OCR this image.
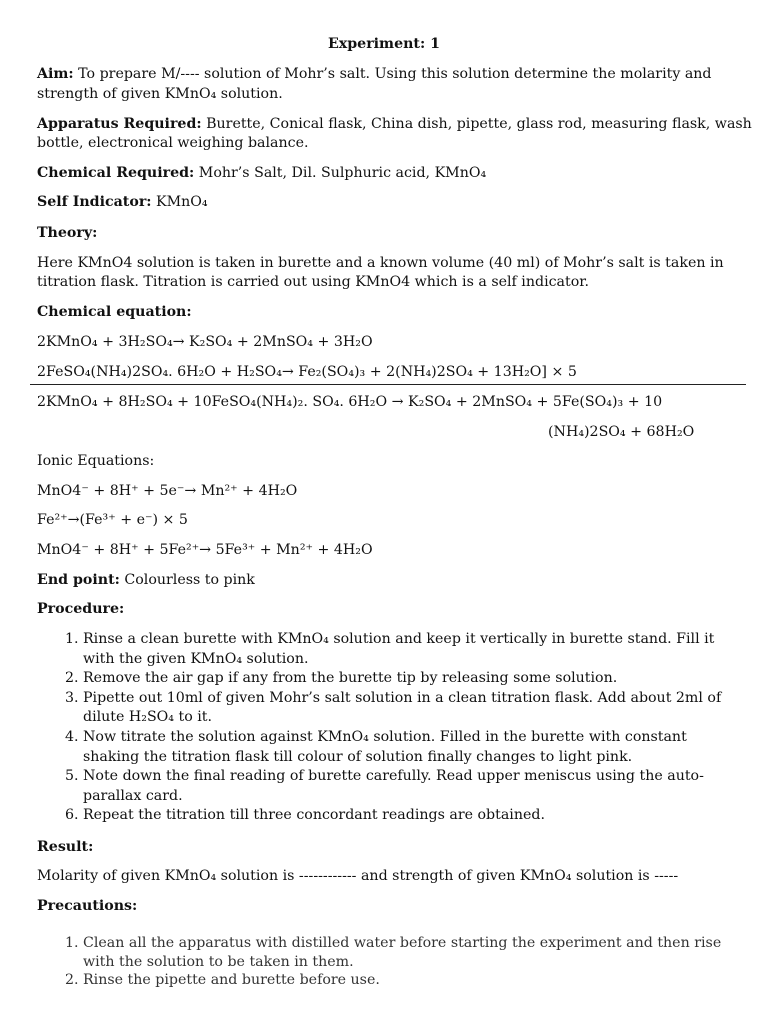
Experiment: 1
Aim: To prepare M/---- solution of Mohr’s salt. Using this solution determine the molarity and
strength of given KMnO₄ solution.
Apparatus Required: Burette, Conical flask, China dish, pipette, glass rod, measuring flask, wash
bottle, electronical weighing balance.
Chemical Required: Mohr’s Salt, Dil. Sulphuric acid, KMnO₄
Self Indicator: KMnO₄
Theory:
Here KMnO4 solution is taken in burette and a known volume (40 ml) of Mohr’s salt is taken in
titration flask. Titration is carried out using KMnO4 which is a self indicator.
Chemical equation:
2KMnO₄ + 3H₂SO₄→ K₂SO₄ + 2MnSO₄ + 3H₂O
2FeSO₄(NH₄)2SO₄. 6H₂O + H₂SO₄→ Fe₂(SO₄)₃ + 2(NH₄)2SO₄ + 13H₂O] × 5
2KMnO₄ + 8H₂SO₄ + 10FeSO₄(NH₄)₂. SO₄. 6H₂O → K₂SO₄ + 2MnSO₄ + 5Fe(SO₄)₃ + 10
(NH₄)2SO₄ + 68H₂O
Ionic Equations:
MnO4⁻ + 8H⁺ + 5e⁻→ Mn²⁺ + 4H₂O
Fe²⁺→(Fe³⁺ + e⁻) × 5
MnO4⁻ + 8H⁺ + 5Fe²⁺→ 5Fe³⁺ + Mn²⁺ + 4H₂O
End point: Colourless to pink
Procedure:
1. Rinse a clean burette with KMnO₄ solution and keep it vertically in burette stand. Fill it with the given KMnO₄ solution.
2. Remove the air gap if any from the burette tip by releasing some solution.
3. Pipette out 10ml of given Mohr’s salt solution in a clean titration flask. Add about 2ml of dilute H₂SO₄ to it.
4. Now titrate the solution against KMnO₄ solution. Filled in the burette with constant shaking the titration flask till colour of solution finally changes to light pink.
5. Note down the final reading of burette carefully. Read upper meniscus using the auto-parallax card.
6. Repeat the titration till three concordant readings are obtained.
Result:
Molarity of given KMnO₄ solution is ------------ and strength of given KMnO₄ solution is -----
Precautions:
1. Clean all the apparatus with distilled water before starting the experiment and then rise with the solution to be taken in them.
2. Rinse the pipette and burette before use.
